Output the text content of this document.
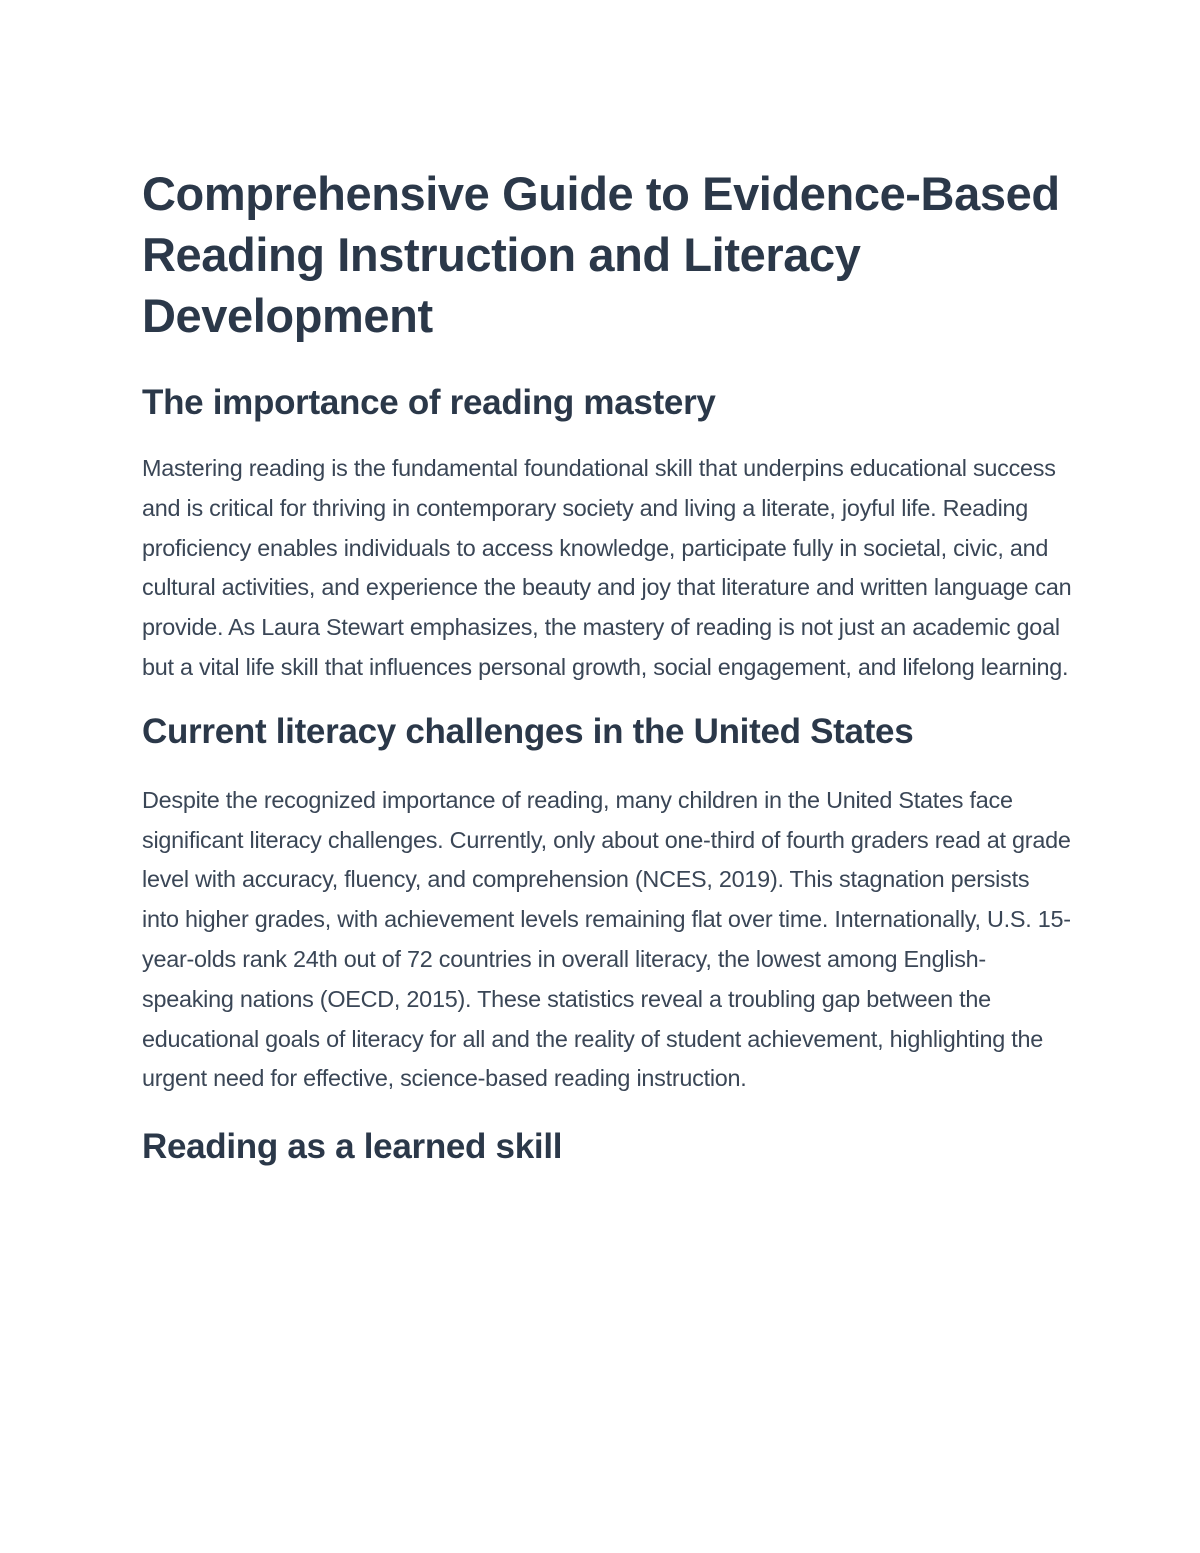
Comprehensive Guide to Evidence-Based Reading Instruction and Literacy Development
The importance of reading mastery

Mastering reading is the fundamental foundational skill that underpins educational success and is critical for thriving in contemporary society and living a literate, joyful life. Reading proficiency enables individuals to access knowledge, participate fully in societal, civic, and cultural activities, and experience the beauty and joy that literature and written language can provide. As Laura Stewart emphasizes, the mastery of reading is not just an academic goal but a vital life skill that influences personal growth, social engagement, and lifelong learning.

Current literacy challenges in the United States

Despite the recognized importance of reading, many children in the United States face significant literacy challenges. Currently, only about one-third of fourth graders read at grade level with accuracy, fluency, and comprehension (NCES, 2019). This stagnation persists into higher grades, with achievement levels remaining flat over time. Internationally, U.S. 15-year-olds rank 24th out of 72 countries in overall literacy, the lowest among English-speaking nations (OECD, 2015). These statistics reveal a troubling gap between the educational goals of literacy for all and the reality of student achievement, highlighting the urgent need for effective, science-based reading instruction.

Reading as a learned skill
